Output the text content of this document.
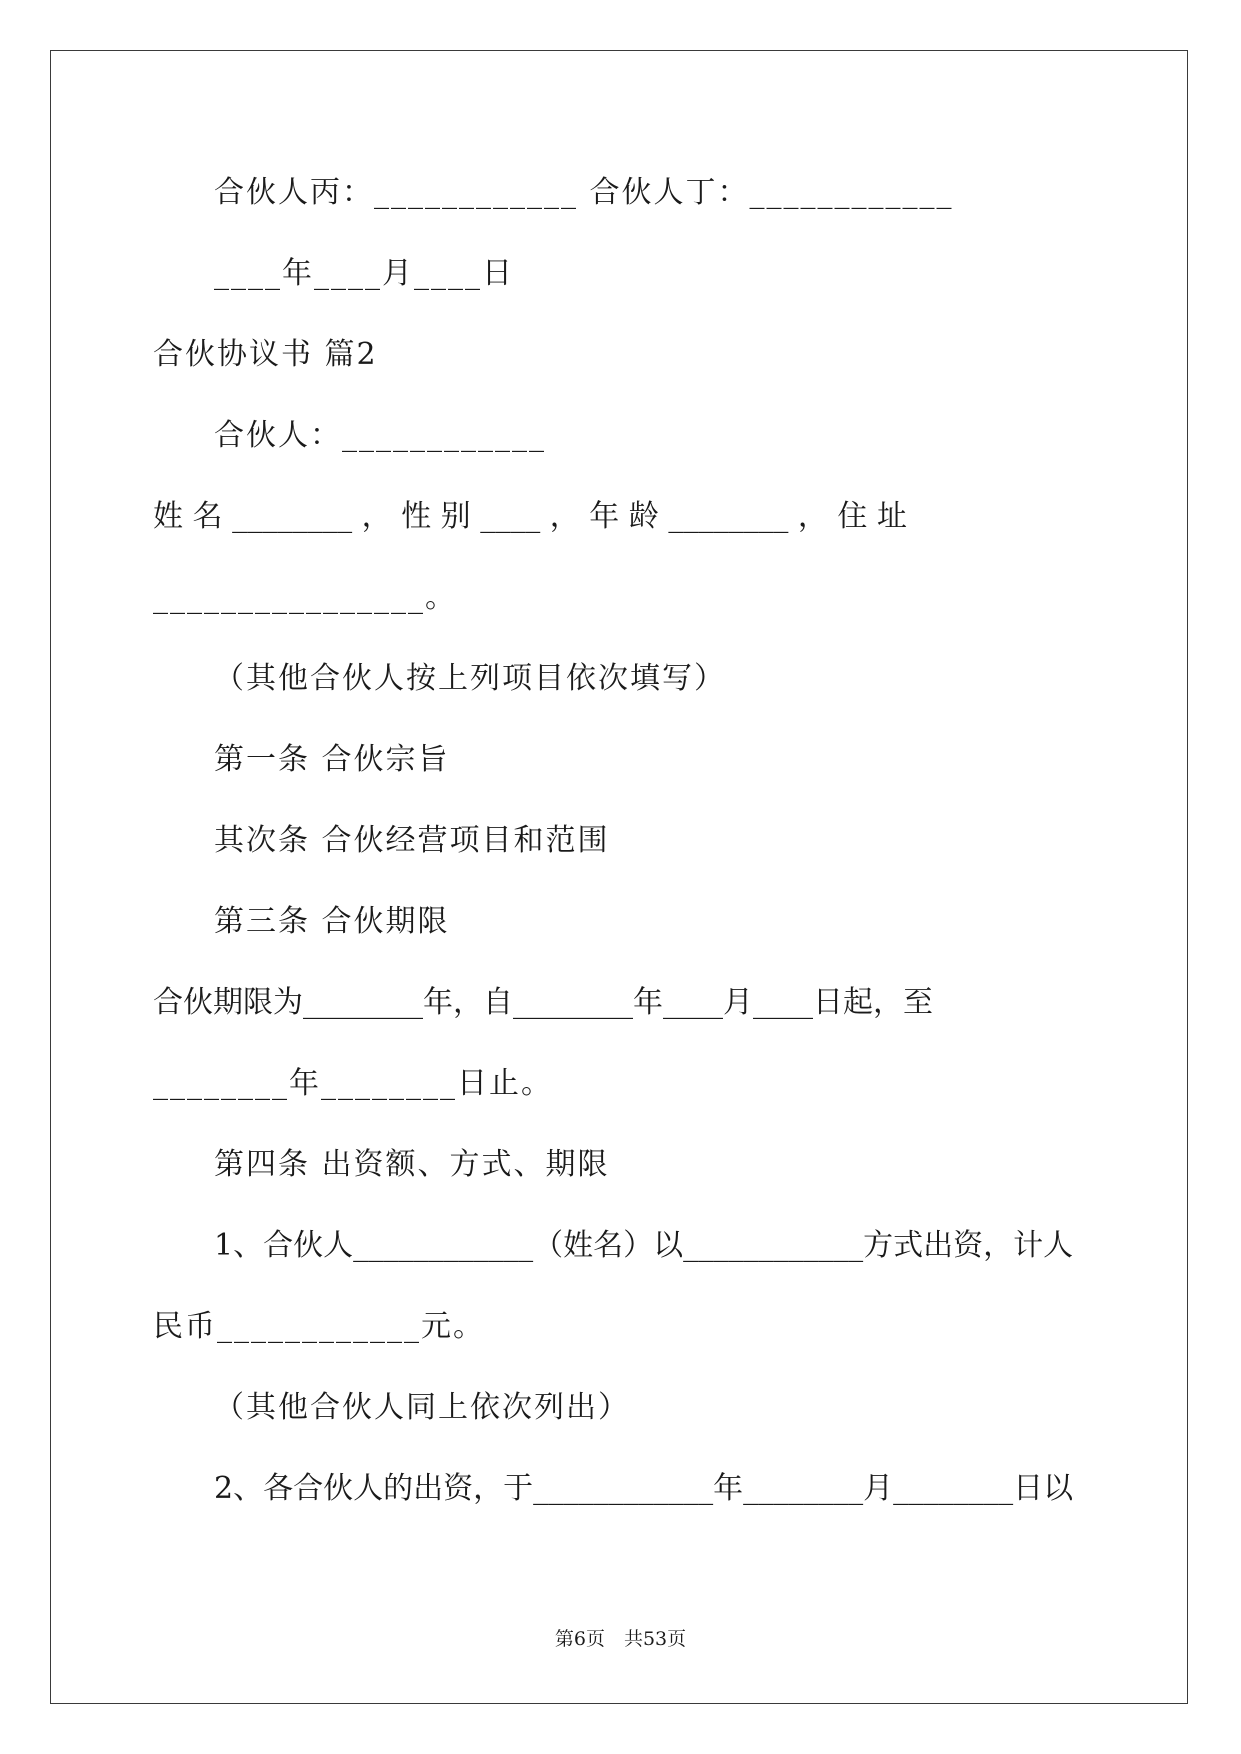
合伙人丙：____________ 合伙人丁：____________
____年____月____日
合伙协议书 篇2
合伙人：____________
姓 名 ________ ， 性 别 ____ ， 年 龄 ________ ， 住 址
________________。
（其他合伙人按上列项目依次填写）
第一条 合伙宗旨
其次条 合伙经营项目和范围
第三条 合伙期限
合伙期限为________年，自________年____月____日起，至
________年________日止。
第四条 出资额、方式、期限
1、合伙人____________（姓名）以____________方式出资，计人
民币____________元。
（其他合伙人同上依次列出）
2、各合伙人的出资，于____________年________月________日以
第6页　共53页
